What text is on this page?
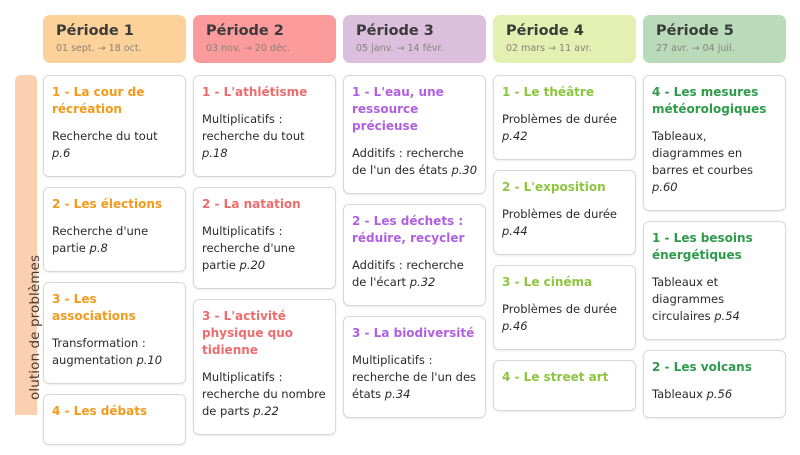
olution de problèmes
Période 1
01 sept. → 18 oct.
1 - La cour de récréation
Recherche du tout p.6
2 - Les élections
Recherche d'une partie p.8
3 - Les associations
Transformation : augmentation p.10
4 - Les débats
Période 2
03 nov. → 20 déc.
1 - L'athlétisme
Multiplicatifs : recherche du tout p.18
2 - La natation
Multiplicatifs : recherche d'une partie p.20
3 - L'activité physique quo tidienne
Multiplicatifs : recherche du nombre de parts p.22
Période 3
05 janv. → 14 févr.
1 - L'eau, une ressource précieuse
Additifs : recherche de l'un des états p.30
2 - Les déchets : réduire, recycler
Additifs : recherche de l'écart p.32
3 - La biodiversité
Multiplicatifs : recherche de l'un des états p.34
Période 4
02 mars → 11 avr.
1 - Le théâtre
Problèmes de durée p.42
2 - L'exposition
Problèmes de durée p.44
3 - Le cinéma
Problèmes de durée p.46
4 - Le street art
Période 5
27 avr. → 04 juil.
4 - Les mesures météorologiques
Tableaux, diagrammes en barres et courbes p.60
1 - Les besoins énergétiques
Tableaux et diagrammes circulaires p.54
2 - Les volcans
Tableaux p.56
